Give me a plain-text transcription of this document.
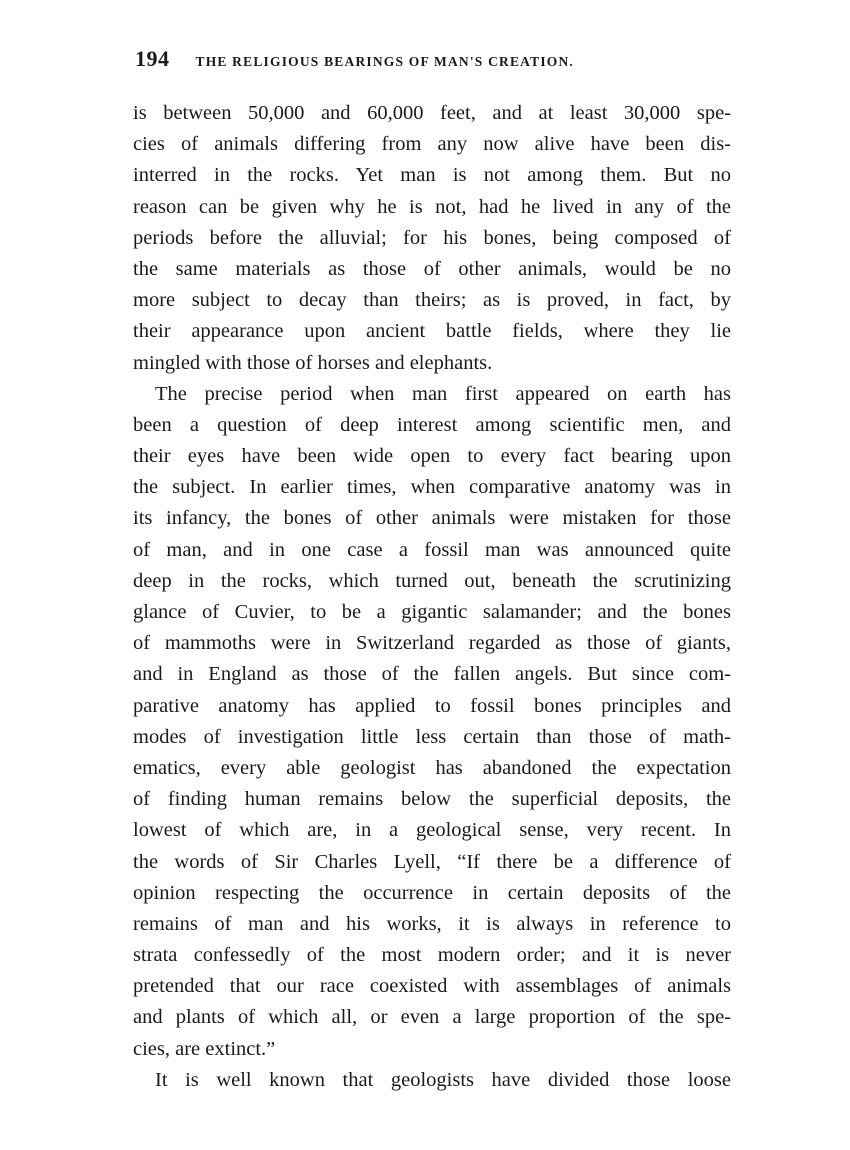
194 THE RELIGIOUS BEARINGS OF MAN'S CREATION.
is between 50,000 and 60,000 feet, and at least 30,000 spe-
cies of animals differing from any now alive have been dis-
interred in the rocks. Yet man is not among them. But no
reason can be given why he is not, had he lived in any of the
periods before the alluvial; for his bones, being composed of
the same materials as those of other animals, would be no
more subject to decay than theirs; as is proved, in fact, by
their appearance upon ancient battle fields, where they lie
mingled with those of horses and elephants.
The precise period when man first appeared on earth has
been a question of deep interest among scientific men, and
their eyes have been wide open to every fact bearing upon
the subject. In earlier times, when comparative anatomy was in
its infancy, the bones of other animals were mistaken for those
of man, and in one case a fossil man was announced quite
deep in the rocks, which turned out, beneath the scrutinizing
glance of Cuvier, to be a gigantic salamander; and the bones
of mammoths were in Switzerland regarded as those of giants,
and in England as those of the fallen angels. But since com-
parative anatomy has applied to fossil bones principles and
modes of investigation little less certain than those of math-
ematics, every able geologist has abandoned the expectation
of finding human remains below the superficial deposits, the
lowest of which are, in a geological sense, very recent. In
the words of Sir Charles Lyell, “If there be a difference of
opinion respecting the occurrence in certain deposits of the
remains of man and his works, it is always in reference to
strata confessedly of the most modern order; and it is never
pretended that our race coexisted with assemblages of animals
and plants of which all, or even a large proportion of the spe-
cies, are extinct.”
It is well known that geologists have divided those loose
